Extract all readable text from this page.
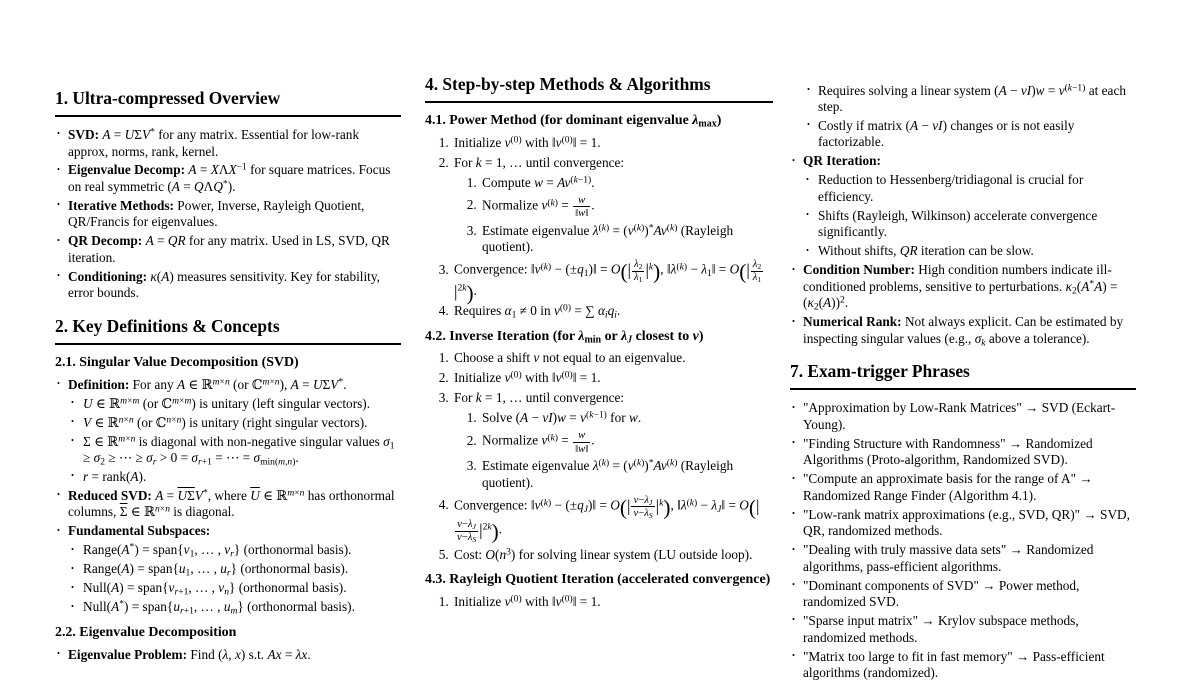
1. Ultra-compressed Overview
• SVD: A = UΣV* for any matrix. Essential for low-rank approx, norms, rank, kernel.
• Eigenvalue Decomp: $A = X\Lambda X^{-1}$ for square matrices. Focus on real symmetric (A = QΛQ*).
• Iterative Methods: Power, Inverse, Rayleigh Quotient, QR/Francis for eigenvalues.
• QR Decomp: A = QR for any matrix. Used in LS, SVD, QR iteration.
• Conditioning: κ(A) measures sensitivity. Key for stability, error bounds.
2. Key Definitions & Concepts
2.1. Singular Value Decomposition (SVD)
• Definition: For any A ∈ ℝ$^{m\times n}$ (or ℂ$^{m\times n}$), A = UΣV*.
• U ∈ ℝ$^{m\times m}$ (or ℂ$^{m\times m}$) is unitary (left singular vectors).
• V ∈ ℝ$^{n\times n}$ (or ℂ$^{n\times n}$) is unitary (right singular vectors).
• Σ ∈ ℝ$^{m\times n}$ is diagonal with non-negative singular values $\sigma_1 \ge \sigma_2$ ≥ ⋯ ≥ $\sigma_r > 0 = \sigma_{r+1}$ = ⋯ = $\sigma_{min(m,n)}$.
• r = rank(A).
• Reduced SVD: $A = \overline{U}\overline{\Sigma}V^*$, where $\overline{U}$ ∈ ℝ$^{m\times n}$ has orthonormal columns, $\overline{\Sigma}$ ∈ ℝ$^{n\times n}$ is diagonal.
• Fundamental Subspaces:
• Range(A*) = $span\{v_1$, … , $v_r$} (orthonormal basis).
• Range(A) = $span\{u_1$, … , $u_r$} (orthonormal basis).
• Null(A) = $span\{v_{r+1}$, … , $v_n$} (orthonormal basis).
• Null(A*) = $span\{u_{r+1}$, … , $u_m$} (orthonormal basis).
2.2. Eigenvalue Decomposition
• Eigenvalue Problem: Find (λ, x) s.t. Ax = λx.
4. Step-by-step Methods & Algorithms
4.1. Power Method (for dominant eigenvalue $\lambda_{max}$)
1. Initialize $v^{(0)}$ with $‖v^{(0)}‖ = 1$.
2. For k = 1, … until convergence:
1. Compute $w = Av^{(k-1)}$.
2. Normalize $v^{(k)} = \frac{w}{‖w‖}$ .
3. Estimate eigenvalue $\lambda^{(k)} = (v^{(k)})^*Av^{(k)}$ (Rayleigh quotient).
3. Convergence: $‖v^{(k)}$ − $(\pm q_1)‖ = O(| \frac{\lambda_2}{\lambda_1} |^k)$, $‖\lambda^{(k)}$ − $\lambda_1‖ = O(| \frac{\lambda_2}{\lambda_1}$
$|^{2k}$).
4. Requires $\alpha_1 \ne 0$ in $v^{(0)}$ = ∑ $\alpha_iq_i$.
4.2. Inverse Iteration (for $\lambda_{min}$ or $\lambda_J$ closest to v)
1. Choose a shift v not equal to an eigenvalue.
2. Initialize $v^{(0)}$ with $‖v^{(0)}‖ = 1$.
3. For k = 1, … until convergence:
1. Solve $(A - vI)w = v^{(k-1)}$ for w.
2. Normalize $v^{(k)} = \frac{w}{‖w‖}$ .
3. Estimate eigenvalue $\lambda^{(k)} = (v^{(k)})^*Av^{(k)}$ (Rayleigh quotient).
4. Convergence: $‖v^{(k)}$ − $(\pm q_J)‖ = O(| \frac{v-\lambda_J}{v-\lambda_S} |^k)$, $‖\lambda^{(k)}$ − $\lambda_J‖ = O(|$
$\frac{v-\lambda_J}{v-\lambda_S} |^{2k}$).
5. Cost: $O(n^3)$ for solving linear system (LU outside loop).
4.3. Rayleigh Quotient Iteration (accelerated convergence)
1. Initialize $v^{(0)}$ with $‖v^{(0)}‖ = 1$.
• Requires solving a linear system $(A - vI)w = v^{(k-1)}$ at each step.
• Costly if matrix (A − vI) changes or is not easily factorizable.
• QR Iteration:
• Reduction to Hessenberg/tridiagonal is crucial for efficiency.
• Shifts (Rayleigh, Wilkinson) accelerate convergence significantly.
• Without shifts, QR iteration can be slow.
• Condition Number: High condition numbers indicate ill-conditioned problems, sensitive to perturbations. $\kappa_2(A^*A) = (\kappa_2(A))^2$.
• Numerical Rank: Not always explicit. Can be estimated by inspecting singular values (e.g., $\sigma_k$ above a tolerance).
7. Exam-trigger Phrases
• "Approximation by Low-Rank Matrices" → SVD (Eckart-Young).
• "Finding Structure with Randomness" → Randomized Algorithms (Proto-algorithm, Randomized SVD).
• "Compute an approximate basis for the range of A" → Randomized Range Finder (Algorithm 4.1).
• "Low-rank matrix approximations (e.g., SVD, QR)" → SVD, QR, randomized methods.
• "Dealing with truly massive data sets" → Randomized algorithms, pass-efficient algorithms.
• "Dominant components of SVD" → Power method, randomized SVD.
• "Sparse input matrix" → Krylov subspace methods, randomized methods.
• "Matrix too large to fit in fast memory" → Pass-efficient algorithms (randomized).
